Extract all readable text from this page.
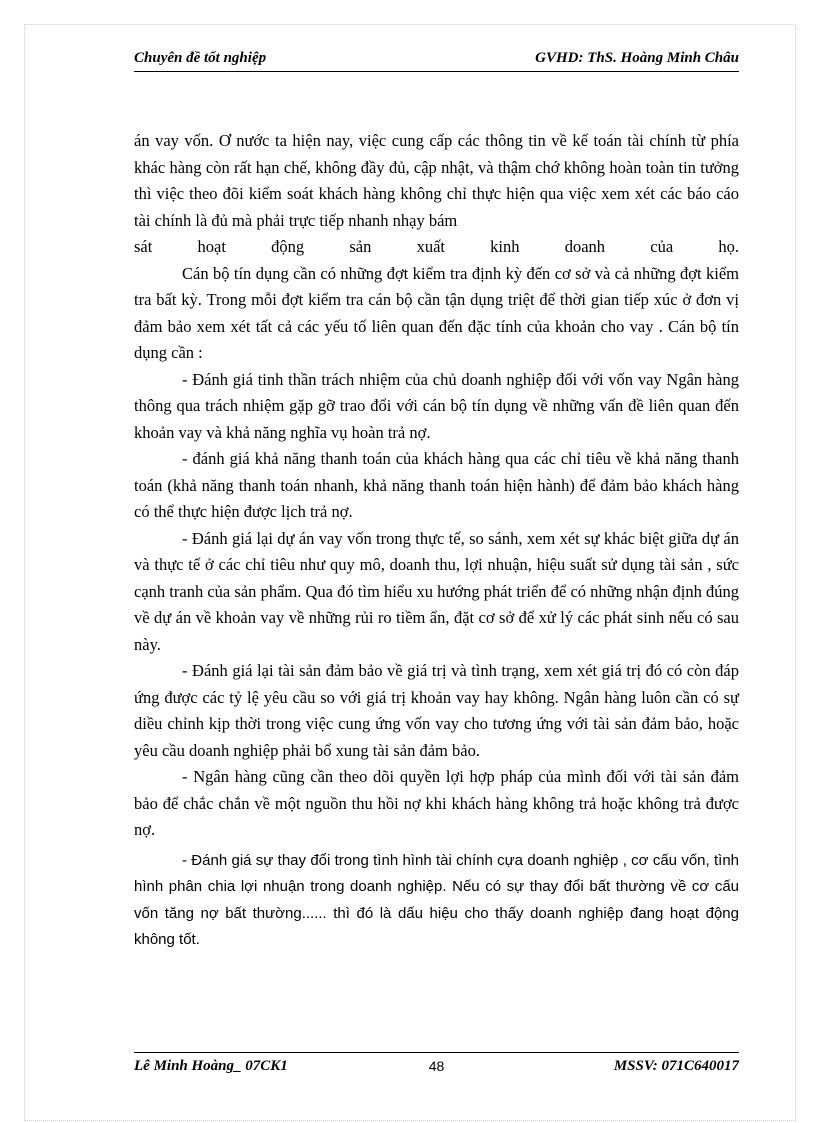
Chuyên đề tốt nghiệp	GVHD: ThS. Hoàng Minh Châu

án vay vốn. Ơ nước ta hiện nay, việc cung cấp các thông tin về kế toán tài chính từ phía khác hàng còn rất hạn chế, không đầy đủ, cập nhật, và thậm chớ không hoàn toàn tin tưởng thì việc theo đõi kiểm soát khách hàng không chỉ thực hiện qua việc xem xét các báo cáo tài chính là đủ mà phải trực tiếp nhanh nhạy bám

sát hoạt động sản xuất kinh doanh của họ.

Cán bộ tín dụng cần có những đợt kiểm tra định kỳ đến cơ sở và cả những đợt kiểm tra bất kỳ. Trong mỗi đợt kiểm tra cán bộ cần tận dụng triệt để thời gian tiếp xúc ở đơn vị đảm bảo xem xét tất cả các yếu tố liên quan đến đặc tính của khoản cho vay . Cán bộ tín dụng cần :

- Đánh giá tinh thần trách nhiệm của chủ doanh nghiệp đối với vốn vay Ngân hàng thông qua trách nhiệm gặp gỡ trao đổi với cán bộ tín dụng về những vấn đề liên quan đến khoản vay và khả năng nghĩa vụ hoàn trả nợ.

- đánh giá khả năng thanh toán của khách hàng qua các chỉ tiêu về khả năng thanh toán (khả năng thanh toán nhanh, khả năng thanh toán hiện hành) để đảm bảo khách hàng có thể thực hiện được lịch trả nợ.

- Đánh giá lại dự án vay vốn trong thực tế, so sánh, xem xét sự khác biệt giữa dự án và thực tế ở các chỉ tiêu như quy mô, doanh thu, lợi nhuận, hiệu suất sử dụng tài sản , sức cạnh tranh của sản phẩm. Qua đó tìm hiểu xu hướng phát triển để có những nhận định đúng về dự án về khoản vay về những rủi ro tiềm ẩn, đặt cơ sở để xử lý các phát sinh nếu có sau này.

- Đánh giá lại tài sản đảm bảo về giá trị và tình trạng, xem xét giá trị đó có còn đáp ứng được các tỷ lệ yêu cầu so với giá trị khoản vay hay không. Ngân hàng luôn cần có sự diều chỉnh kịp thời trong việc cung ứng vốn vay cho tương ứng với tài sản đảm bảo, hoặc yêu cầu doanh nghiệp phải bổ xung tài sản đảm bảo.

- Ngân hàng cũng cần theo dõi quyền lợi hợp pháp của mình đối với tài sản đảm bảo để chắc chắn về một nguồn thu hồi nợ khi khách hàng không trả hoặc không trả được nợ.

- Đánh giá sự thay đổi trong tình hình tài chính cựa doanh nghiệp , cơ cấu vốn, tình hình phân chia lợi nhuận trong doanh nghiệp. Nếu có sự thay đổi bất thường về cơ cấu vốn tăng nợ bất thường...... thì đó là dấu hiệu cho thấy doanh nghiệp đang hoạt động không tốt.

Lê Minh Hoàng_ 07CK1	48	MSSV: 071C640017
